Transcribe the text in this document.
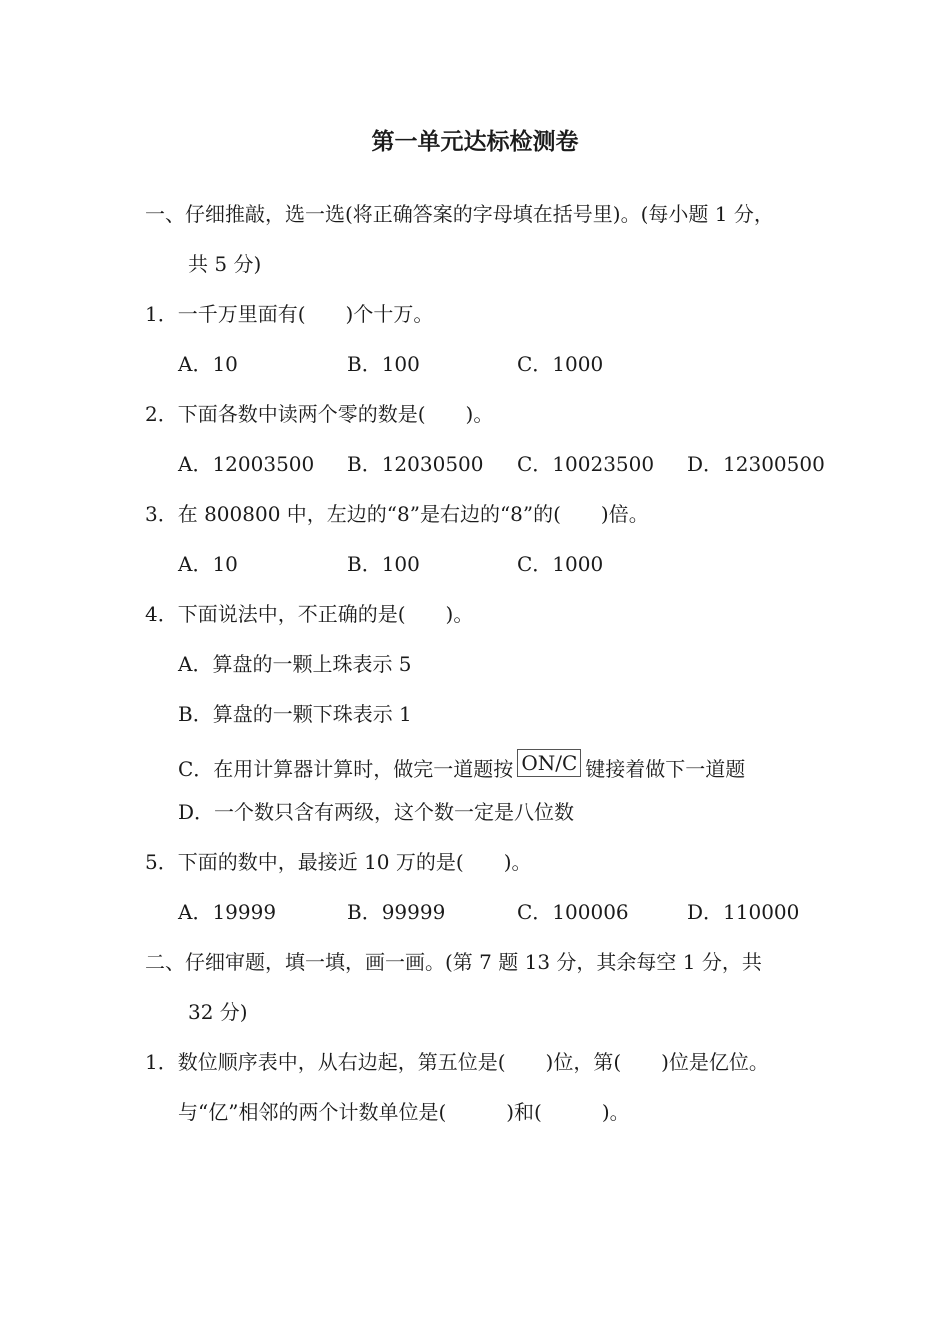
第一单元达标检测卷
一、仔细推敲，选一选(将正确答案的字母填在括号里)。(每小题 1 分，
共 5 分)
1．一千万里面有(　　)个十万。
A．10	B．100	C．1000
2．下面各数中读两个零的数是(　　)。
A．12003500 B．12030500 C．10023500 D．12300500
3．在 800800 中，左边的“8”是右边的“8”的(　　)倍。
A．10	B．100	C．1000
4．下面说法中，不正确的是(　　)。
A．算盘的一颗上珠表示 5
B．算盘的一颗下珠表示 1
C．在用计算器计算时，做完一道题按 ON/C 键接着做下一道题
D．一个数只含有两级，这个数一定是八位数
5．下面的数中，最接近 10 万的是(　　)。
A．19999	B．99999	C．100006	D．110000
二、仔细审题，填一填，画一画。(第 7 题 13 分，其余每空 1 分，共
32 分)
1．数位顺序表中，从右边起，第五位是(　　)位，第(　　)位是亿位。
与“亿”相邻的两个计数单位是(　　　)和(　　　)。
